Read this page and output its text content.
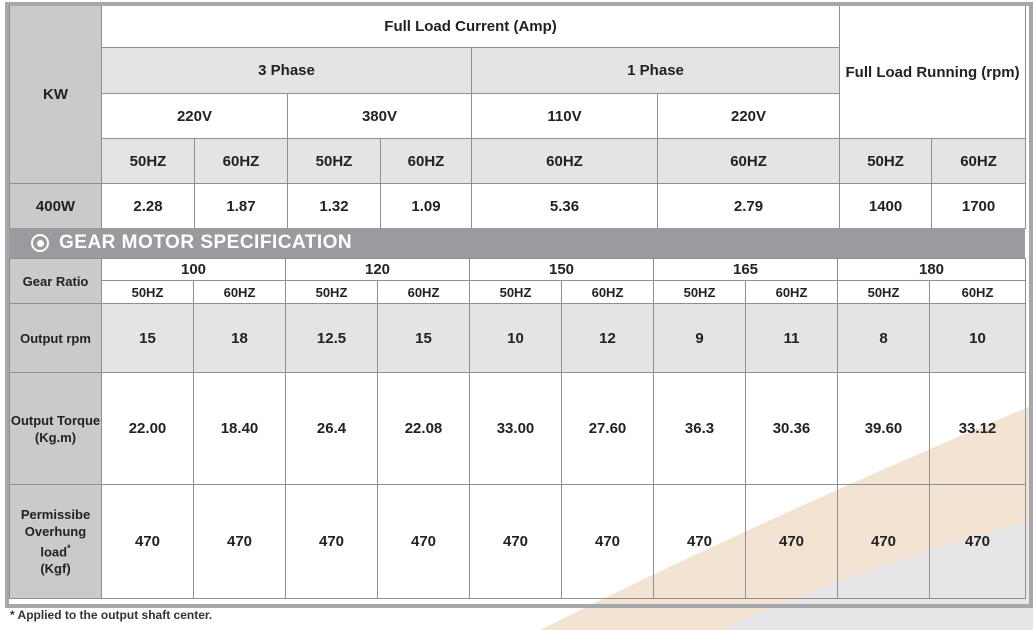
KW	Full Load Current (Amp)						Full Load Running (rpm)	
	3 Phase				1 Phase			
	220V		380V		110V	220V		
	50HZ	60HZ	50HZ	60HZ	60HZ	60HZ	50HZ	60HZ
400W	2.28	1.87	1.32	1.09	5.36	2.79	1400	1700
GEAR MOTOR SPECIFICATION
Gear Ratio	100		120		150		165		180	
	50HZ	60HZ	50HZ	60HZ	50HZ	60HZ	50HZ	60HZ	50HZ	60HZ
Output rpm	15	18	12.5	15	10	12	9	11	8	10

Output Torque
(Kg.m)	22.00	18.40	26.4	22.08	33.00	27.60	36.3	30.36	39.60	33.12

Permissibe
Overhung load*
(Kgf)	470	470	470	470	470	470	470	470	470	470
* Applied to the output shaft center.
